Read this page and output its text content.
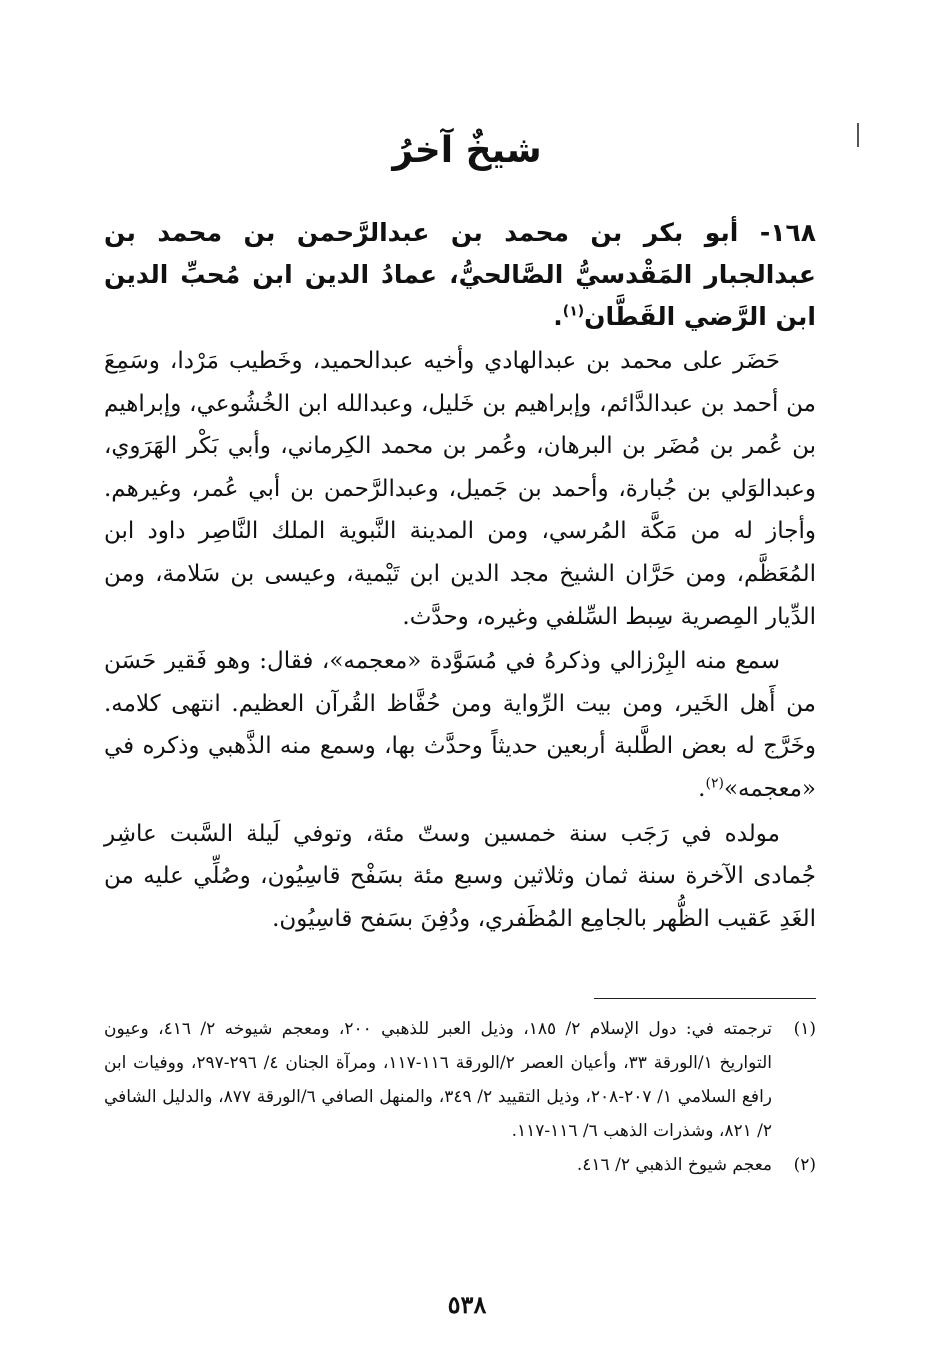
شيخٌ آخرُ
١٦٨- أبو بكر بن محمد بن عبدالرَّحمن بن محمد بن عبدالجبار المَقْدسيُّ الصَّالحيُّ، عمادُ الدين ابن مُحبِّ الدين ابن الرَّضي القَطَّان$^{(١)}$.

حَضَر على محمد بن عبدالهادي وأخيه عبدالحميد، وخَطيب مَرْدا، وسَمِعَ من أحمد بن عبدالدَّائم، وإبراهيم بن خَليل، وعبدالله ابن الخُشُوعي، وإبراهيم بن عُمر بن مُضَر بن البرهان، وعُمر بن محمد الكِرماني، وأبي بَكْر الهَرَوي، وعبدالوَلي بن جُبارة، وأحمد بن جَميل، وعبدالرَّحمن بن أبي عُمر، وغيرهم. وأجاز له من مَكَّة المُرسي، ومن المدينة النَّبوية الملك النَّاصِر داود ابن المُعَظَّم، ومن حَرَّان الشيخ مجد الدين ابن تَيْمية، وعيسى بن سَلامة، ومن الدِّيار المِصرية سِبط السِّلفي وغيره، وحدَّث.

سمع منه البِرْزالي وذكرهُ في مُسَوَّدة «معجمه»، فقال: وهو فَقير حَسَن من أَهل الخَير، ومن بيت الرِّواية ومن حُفَّاظ القُرآن العظيم. انتهى كلامه. وخَرَّج له بعض الطَّلبة أربعين حديثاً وحدَّث بها، وسمع منه الذَّهبي وذكره في «معجمه»$^{(٢)}$.

مولده في رَجَب سنة خمسين وستّ مئة، وتوفي لَيلة السَّبت عاشِر جُمادى الآخرة سنة ثمان وثلاثين وسبع مئة بسَفْح قاسِيُون، وصُلِّي عليه من الغَدِ عَقيب الظُّهر بالجامِع المُظَفري، ودُفِنَ بسَفح قاسِيُون.

(١)
ترجمته في: دول الإسلام ٢/ ١٨٥، وذيل العبر للذهبي ٢٠٠، ومعجم شيوخه ٢/ ٤١٦، وعيون التواريخ ١/الورقة ٣٣، وأعيان العصر ٢/الورقة ١١٦-١١٧، ومرآة الجنان ٤/ ٢٩٦-٢٩٧، ووفيات ابن رافع السلامي ١/ ٢٠٧-٢٠٨، وذيل التقييد ٢/ ٣٤٩، والمنهل الصافي ٦/الورقة ٨٧٧، والدليل الشافي ٢/ ٨٢١، وشذرات الذهب ٦/ ١١٦-١١٧.
(٢)
معجم شيوخ الذهبي ٢/ ٤١٦.
٥٣٨
